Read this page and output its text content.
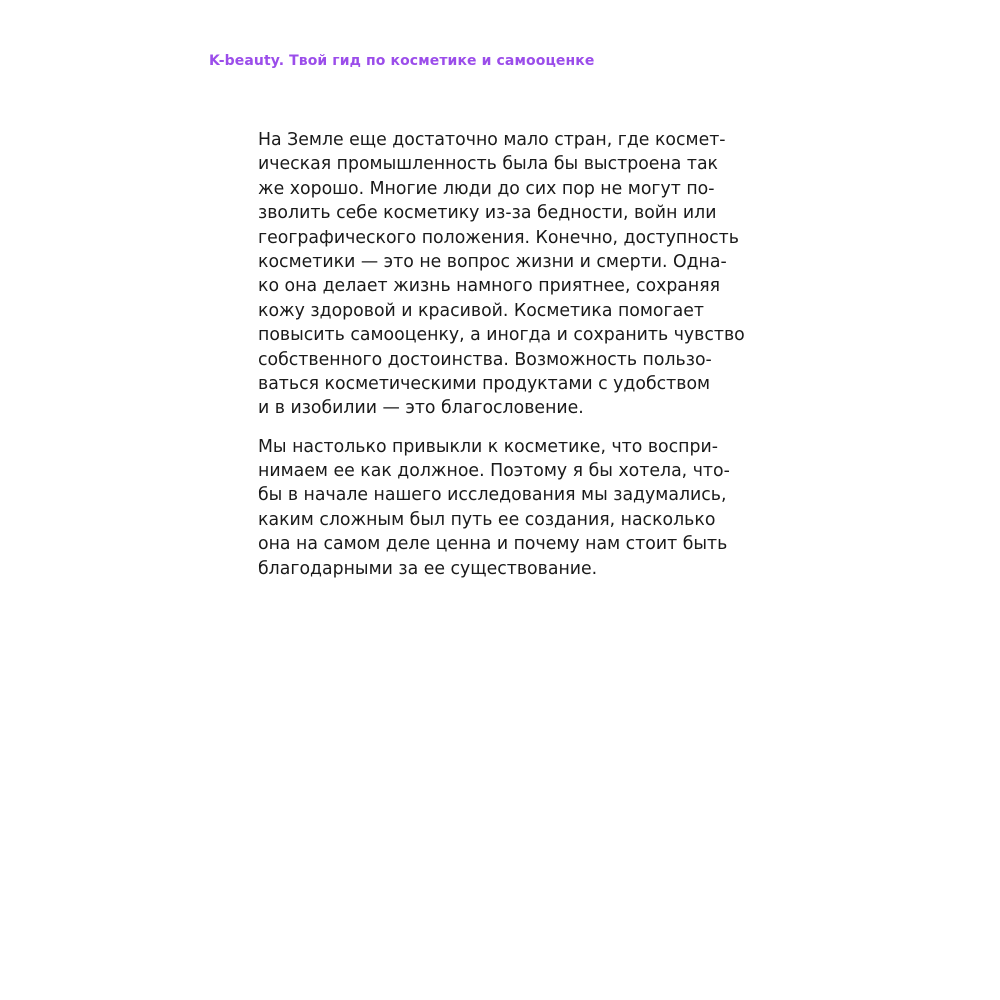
K-beauty. Твой гид по косметике и самооценке

На Земле еще достаточно мало стран, где космет-
ическая промышленность была бы выстроена так
же хорошо. Многие люди до сих пор не могут по-
зволить себе косметику из-за бедности, войн или
географического положения. Конечно, доступность
косметики — это не вопрос жизни и смерти. Одна-
ко она делает жизнь намного приятнее, сохраняя
кожу здоровой и красивой. Косметика помогает
повысить самооценку, а иногда и сохранить чувство
собственного достоинства. Возможность пользо-
ваться косметическими продуктами с удобством
и в изобилии — это благословение.

Мы настолько привыкли к косметике, что воспри-
нимаем ее как должное. Поэтому я бы хотела, что-
бы в начале нашего исследования мы задумались,
каким сложным был путь ее создания, насколько
она на самом деле ценна и почему нам стоит быть
благодарными за ее существование.
